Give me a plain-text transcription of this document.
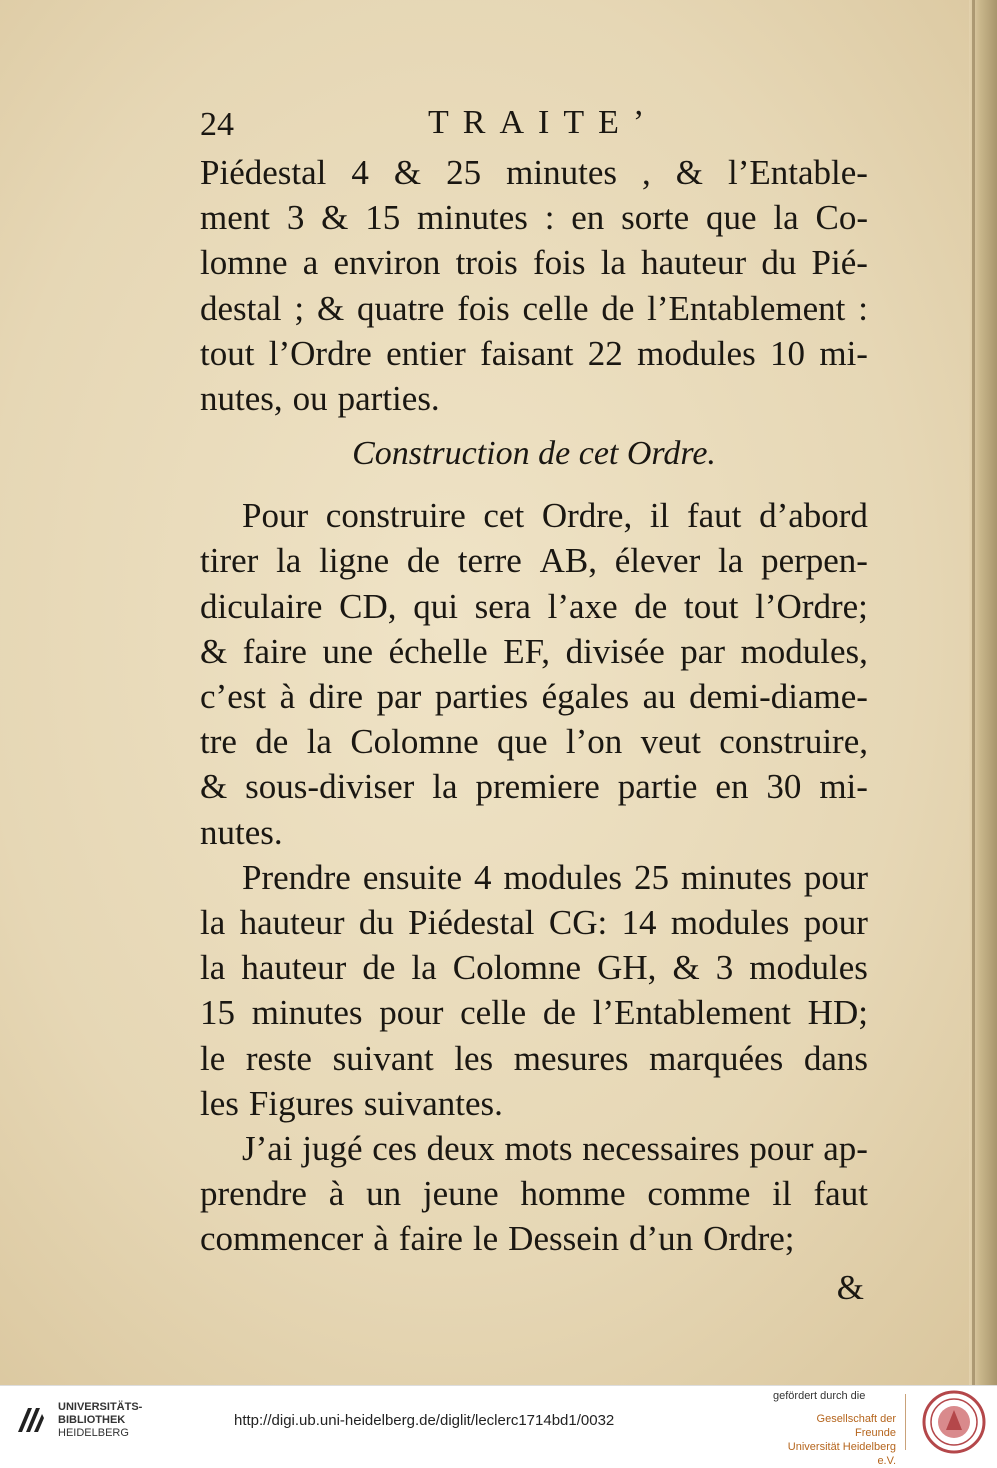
24	TRAITE’
Piédestal 4 & 25 minutes , & l’Entable-
ment 3 & 15 minutes : en sorte que la Co-
lomne a environ trois fois la hauteur du Pié-
destal ; & quatre fois celle de l’Entablement :
tout l’Ordre entier faisant 22 modules 10 mi-
nutes, ou parties.
Construction de cet Ordre.
Pour construire cet Ordre, il faut d’abord
tirer la ligne de terre AB, élever la perpen-
diculaire CD, qui sera l’axe de tout l’Ordre;
& faire une échelle EF, divisée par modules,
c’est à dire par parties égales au demi-diame-
tre de la Colomne que l’on veut construire,
& sous-diviser la premiere partie en 30 mi-
nutes.
Prendre ensuite 4 modules 25 minutes pour
la hauteur du Piédestal CG: 14 modules pour
la hauteur de la Colomne GH, & 3 modules
15 minutes pour celle de l’Entablement HD;
le reste suivant les mesures marquées dans
les Figures suivantes.
J’ai jugé ces deux mots necessaires pour ap-
prendre à un jeune homme comme il faut
commencer à faire le Dessein d’un Ordre;
&
UNIVERSITÄTS-
BIBLIOTHEK
HEIDELBERG
http://digi.ub.uni-heidelberg.de/diglit/leclerc1714bd1/0032
gefördert durch die
Gesellschaft der Freunde
Universität Heidelberg e.V.
